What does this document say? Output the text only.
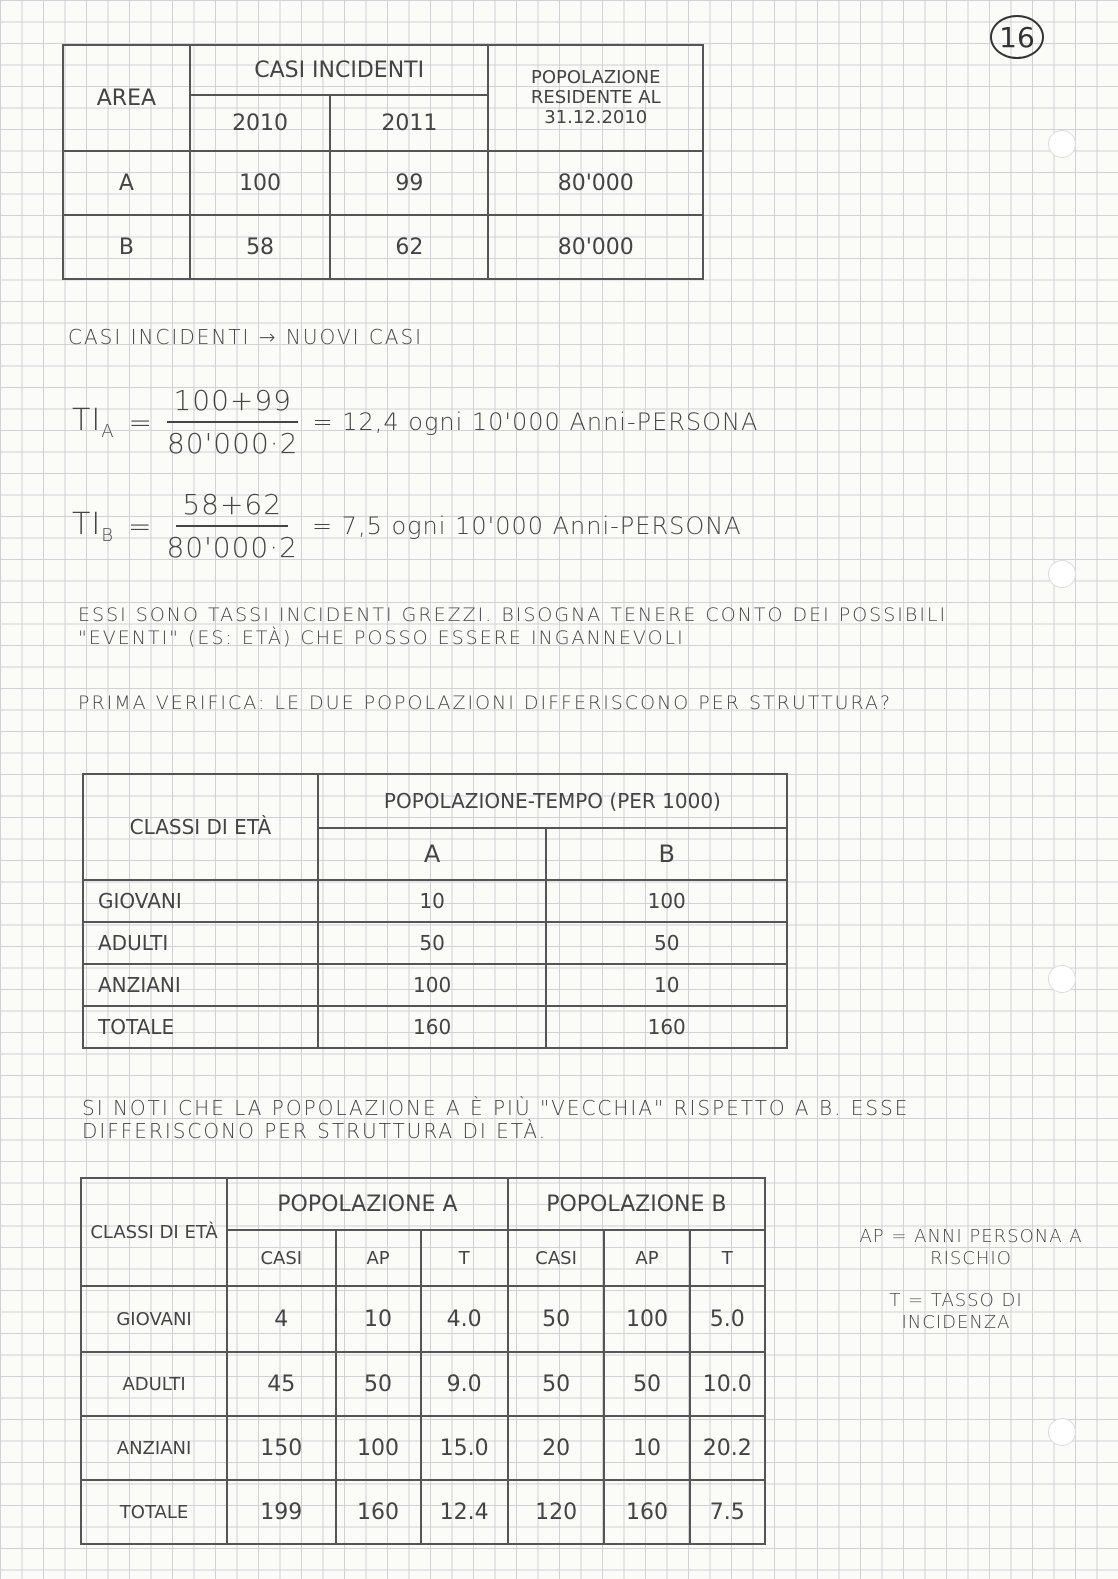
16
AREA	CASI INCIDENTI		POPOLAZIONE RESIDENTE AL 31.12.2010
	2010	2011	
A	100	99	80'000
B	58	62	80'000
CASI INCIDENTI → NUOVI CASI
$TI_A = \frac{100+99}{80'000\cdot 2} = 12,4$ ogni 10'000 Anni-PERSONA
$TI_B = \frac{58+62}{80'000\cdot 2} = 7,5$ ogni 10'000 Anni-PERSONA
ESSI SONO TASSI INCIDENTI GREZZI. BISOGNA TENERE CONTO DEI POSSIBILI "EVENTI" (ES: ETÀ) CHE POSSO ESSERE INGANNEVOLI
PRIMA VERIFICA: LE DUE POPOLAZIONI DIFFERISCONO PER STRUTTURA?
CLASSI DI ETÀ	POPOLAZIONE-TEMPO (PER 1000)	
	A	B
GIOVANI	10	100
ADULTI	50	50
ANZIANI	100	10
TOTALE	160	160
SI NOTI CHE LA POPOLAZIONE A È PIÙ "VECCHIA" RISPETTO A B. ESSE DIFFERISCONO PER STRUTTURA DI ETÀ.
CLASSI DI ETÀ	POPOLAZIONE A			POPOLAZIONE B		
	CASI	AP	T	CASI	AP	T
GIOVANI	4	10	4.0	50	100	5.0
ADULTI	45	50	9.0	50	50	10.0
ANZIANI	150	100	15.0	20	10	20.2
TOTALE	199	160	12.4	120	160	7.5
AP = ANNI PERSONA A RISCHIO
T = TASSO DI INCIDENZA
